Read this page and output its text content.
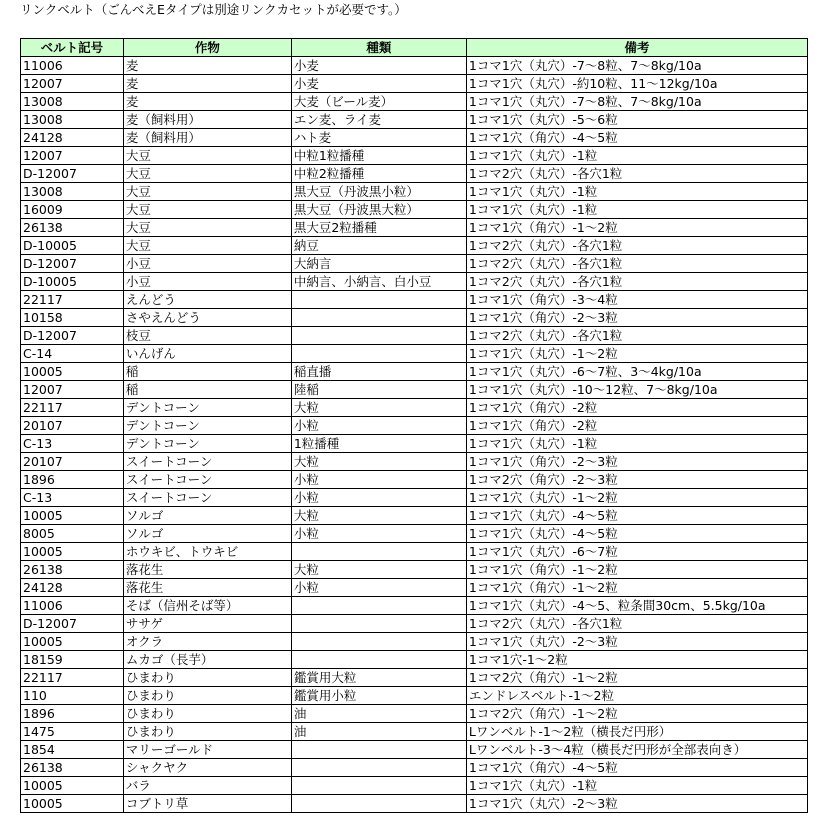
リンクベルト（ごんべえEタイプは別途リンクカセットが必要です。）
ベルト記号	作物	種類	備考
11006	麦	小麦	1コマ1穴（丸穴）-7～8粒、7～8kg/10a
12007	麦	小麦	1コマ1穴（丸穴）-約10粒、11～12kg/10a
13008	麦	大麦（ビール麦）	1コマ1穴（丸穴）-7～8粒、7～8kg/10a
13008	麦（飼料用）	エン麦、ライ麦	1コマ1穴（丸穴）-5～6粒
24128	麦（飼料用）	ハト麦	1コマ1穴（角穴）-4～5粒
12007	大豆	中粒1粒播種	1コマ1穴（丸穴）-1粒
D-12007	大豆	中粒2粒播種	1コマ2穴（丸穴）-各穴1粒
13008	大豆	黒大豆（丹波黒小粒）	1コマ1穴（丸穴）-1粒
16009	大豆	黒大豆（丹波黒大粒）	1コマ1穴（丸穴）-1粒
26138	大豆	黒大豆2粒播種	1コマ1穴（角穴）-1～2粒
D-10005	大豆	納豆	1コマ2穴（丸穴）-各穴1粒
D-12007	小豆	大納言	1コマ2穴（丸穴）-各穴1粒
D-10005	小豆	中納言、小納言、白小豆	1コマ2穴（丸穴）-各穴1粒
22117	えんどう		1コマ1穴（角穴）-3～4粒
10158	さやえんどう		1コマ1穴（角穴）-2～3粒
D-12007	枝豆		1コマ2穴（丸穴）-各穴1粒
C-14	いんげん		1コマ1穴（丸穴）-1～2粒
10005	稲	稲直播	1コマ1穴（丸穴）-6～7粒、3～4kg/10a
12007	稲	陸稲	1コマ1穴（丸穴）-10～12粒、7～8kg/10a
22117	デントコーン	大粒	1コマ1穴（角穴）-2粒
20107	デントコーン	小粒	1コマ1穴（角穴）-2粒
C-13	デントコーン	1粒播種	1コマ1穴（丸穴）-1粒
20107	スイートコーン	大粒	1コマ1穴（角穴）-2～3粒
1896	スイートコーン	小粒	1コマ2穴（角穴）-2～3粒
C-13	スイートコーン	小粒	1コマ1穴（丸穴）-1～2粒
10005	ソルゴ	大粒	1コマ1穴（丸穴）-4～5粒
8005	ソルゴ	小粒	1コマ1穴（丸穴）-4～5粒
10005	ホウキビ、トウキビ		1コマ1穴（丸穴）-6～7粒
26138	落花生	大粒	1コマ1穴（角穴）-1～2粒
24128	落花生	小粒	1コマ1穴（角穴）-1～2粒
11006	そば（信州そば等）		1コマ1穴（丸穴）-4～5、粒条間30cm、5.5kg/10a
D-12007	ササゲ		1コマ2穴（丸穴）-各穴1粒
10005	オクラ		1コマ1穴（丸穴）-2～3粒
18159	ムカゴ（長芋）		1コマ1穴-1～2粒
22117	ひまわり	鑑賞用大粒	1コマ2穴（角穴）-1～2粒
110	ひまわり	鑑賞用小粒	エンドレスベルト-1～2粒
1896	ひまわり	油	1コマ2穴（角穴）-1～2粒
1475	ひまわり	油	Lワンベルト-1～2粒（横長だ円形）
1854	マリーゴールド		Lワンベルト-3～4粒（横長だ円形が全部表向き）
26138	シャクヤク		1コマ1穴（角穴）-4～5粒
10005	バラ		1コマ1穴（丸穴）-1粒
10005	コブトリ草		1コマ1穴（丸穴）-2～3粒
